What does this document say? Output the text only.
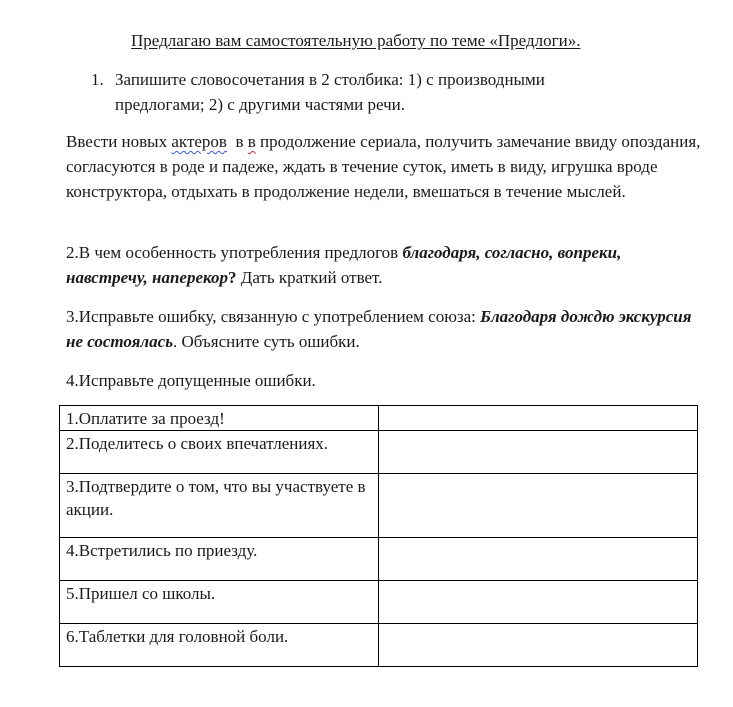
Предлагаю вам самостоятельную работу по теме «Предлоги».
1. Запишите словосочетания в 2 столбика: 1) с производными предлогами; 2) с другими частями речи.
Ввести новых актеров  в в продолжение сериала, получить замечание ввиду опоздания, согласуются в роде и падеже, ждать в течение суток, иметь в виду, игрушка вроде конструктора, отдыхать в продолжение недели, вмешаться в течение мыслей.
2.В чем особенность употребления предлогов благодаря, согласно, вопреки, навстречу, наперекор? Дать краткий ответ.
3.Исправьте ошибку, связанную с употреблением союза: Благодаря дождю экскурсия не состоялась. Объясните суть ошибки.
4.Исправьте допущенные ошибки.
1.Оплатите за проезд!	
2.Поделитесь о своих впечатлениях.	
3.Подтвердите о том, что вы участвуете в акции.	
4.Встретились по приезду.	
5.Пришел со школы.	
6.Таблетки для головной боли.	
